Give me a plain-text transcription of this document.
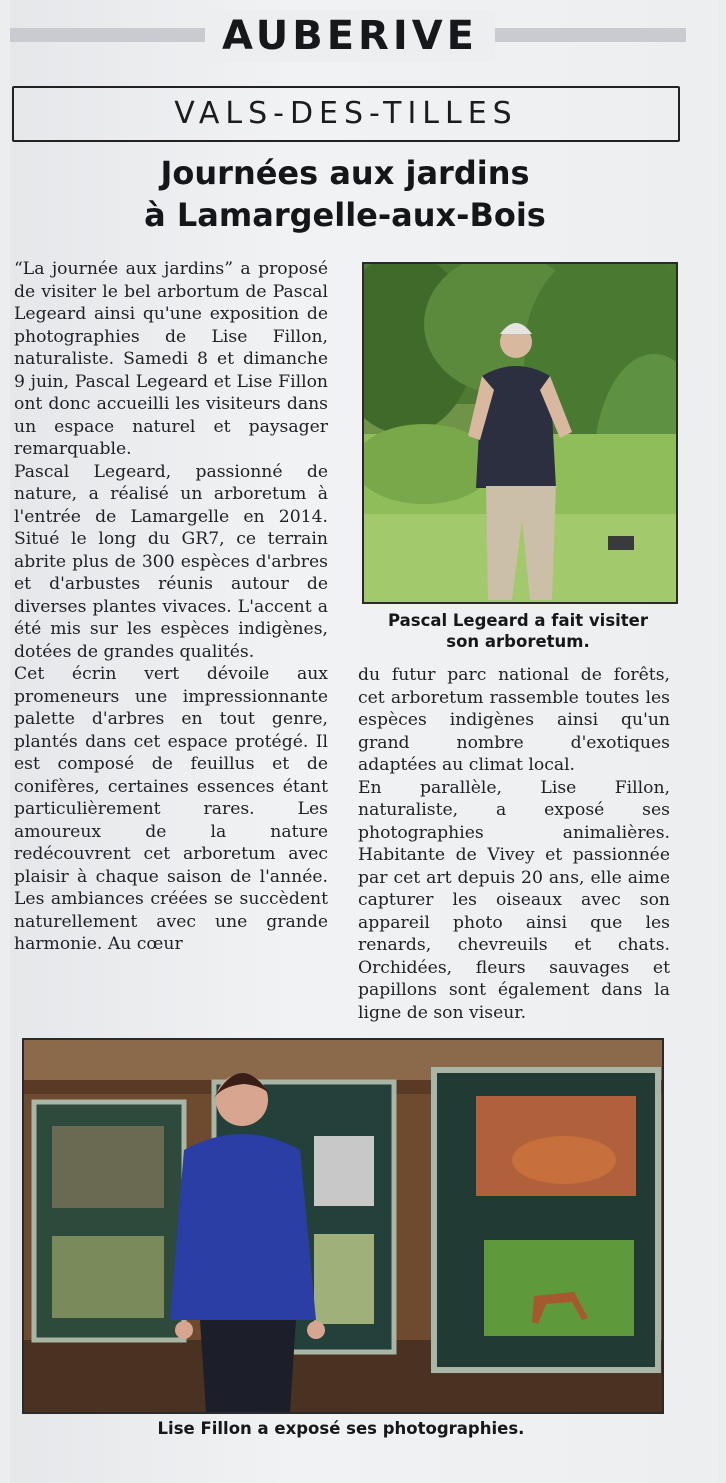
AUBERIVE
VALS-DES-TILLES
Journées aux jardins
à Lamargelle-aux-Bois

“La journée aux jardins” a proposé de visiter le bel arbortum de Pascal Legeard ainsi qu'une exposition de photographies de Lise Fillon, naturaliste. Samedi 8 et dimanche 9 juin, Pascal Legeard et Lise Fillon ont donc accueilli les visiteurs dans un espace naturel et paysager remarquable.

Pascal Legeard, passionné de nature, a réalisé un arboretum à l'entrée de Lamargelle en 2014. Situé le long du GR7, ce terrain abrite plus de 300 espèces d'arbres et d'arbustes réunis autour de diverses plantes vivaces. L'accent a été mis sur les espèces indigènes, dotées de grandes qualités.

Cet écrin vert dévoile aux promeneurs une impressionnante palette d'arbres en tout genre, plantés dans cet espace protégé. Il est composé de feuillus et de conifères, certaines essences étant particulièrement rares. Les amoureux de la nature redécouvrent cet arboretum avec plaisir à chaque saison de l'année. Les ambiances créées se succèdent naturellement avec une grande harmonie. Au cœur

Pascal Legeard a fait visiter
son arboretum.

du futur parc national de forêts, cet arboretum rassemble toutes les espèces indigènes ainsi qu'un grand nombre d'exotiques adaptées au climat local.

En parallèle, Lise Fillon, naturaliste, a exposé ses photographies animalières. Habitante de Vivey et passionnée par cet art depuis 20 ans, elle aime capturer les oiseaux avec son appareil photo ainsi que les renards, chevreuils et chats. Orchidées, fleurs sauvages et papillons sont également dans la ligne de son viseur.

Lise Fillon a exposé ses photographies.
